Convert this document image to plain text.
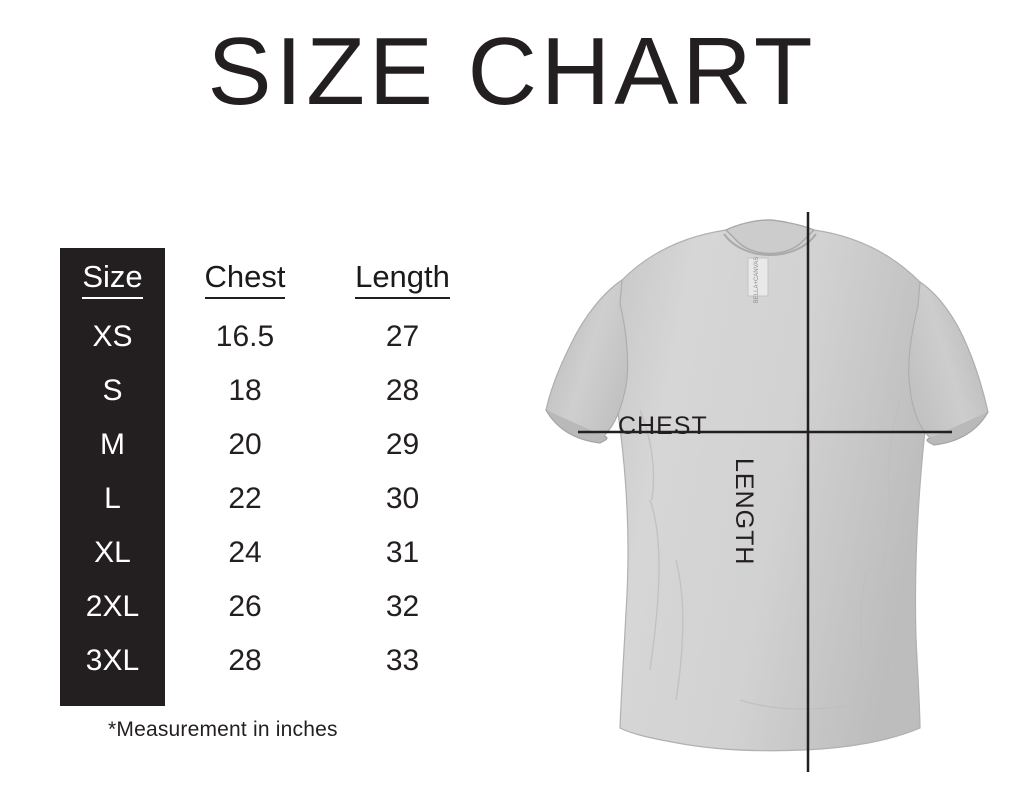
SIZE CHART
Size	Chest	Length
XS	16.5	27
S	18	28
M	20	29
L	22	30
XL	24	31
2XL	26	32
3XL	28	33
*Measurement in inches
BELLA+CANVAS
CHEST
LENGTH
